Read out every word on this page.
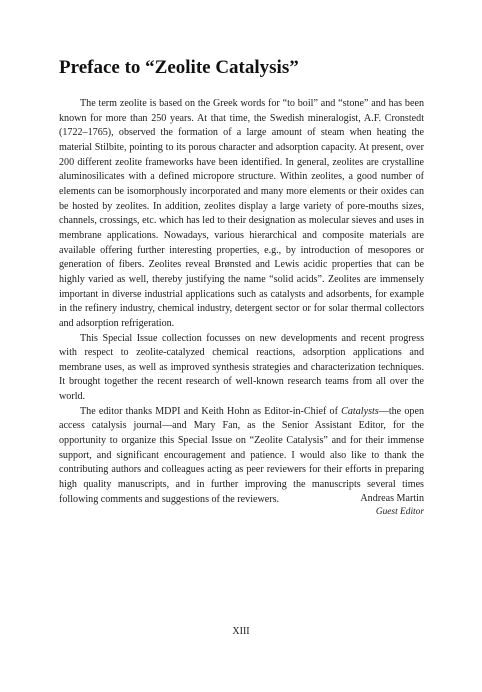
Preface to “Zeolite Catalysis”

The term zeolite is based on the Greek words for “to boil” and “stone” and has been known for more than 250 years. At that time, the Swedish mineralogist, A.F. Cronstedt (1722–1765), observed the formation of a large amount of steam when heating the material Stilbite, pointing to its porous character and adsorption capacity. At present, over 200 different zeolite frameworks have been identified. In general, zeolites are crystalline aluminosilicates with a defined micropore structure. Within zeolites, a good number of elements can be isomorphously incorporated and many more elements or their oxides can be hosted by zeolites. In addition, zeolites display a large variety of pore-mouths sizes, channels, crossings, etc. which has led to their designation as molecular sieves and uses in membrane applications. Nowadays, various hierarchical and composite materials are available offering further interesting properties, e.g., by introduction of mesopores or generation of fibers. Zeolites reveal Brønsted and Lewis acidic properties that can be highly varied as well, thereby justifying the name “solid acids”. Zeolites are immensely important in diverse industrial applications such as catalysts and adsorbents, for example in the refinery industry, chemical industry, detergent sector or for solar thermal collectors and adsorption refrigeration.

This Special Issue collection focusses on new developments and recent progress with respect to zeolite-catalyzed chemical reactions, adsorption applications and membrane uses, as well as improved synthesis strategies and characterization techniques. It brought together the recent research of well-known research teams from all over the world.

The editor thanks MDPI and Keith Hohn as Editor-in-Chief of Catalysts—the open access catalysis journal—and Mary Fan, as the Senior Assistant Editor, for the opportunity to organize this Special Issue on “Zeolite Catalysis” and for their immense support, and significant encouragement and patience. I would also like to thank the contributing authors and colleagues acting as peer reviewers for their efforts in preparing high quality manuscripts, and in further improving the manuscripts several times following comments and suggestions of the reviewers.	Andreas Martin

Guest Editor

XIII
